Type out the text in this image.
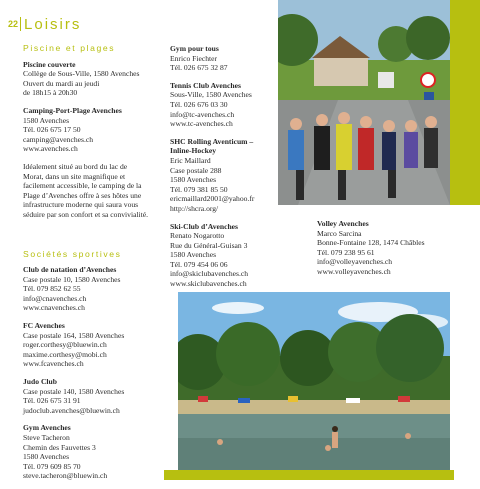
22 Loisirs
Piscine et plages
Piscine couverte
Collège de Sous-Ville, 1580 Avenches
Ouvert du mardi au jeudi
de 18h15 à 20h30
Camping-Port-Plage Avenches
1580 Avenches
Tél. 026 675 17 50
camping@avenches.ch
www.avenches.ch
Idéalement situé au bord du lac de
Morat, dans un site magnifique et
facilement accessible, le camping de la
Plage d’Avenches offre à ses hôtes une
infrastructure moderne qui saura vous
séduire par son confort et sa convivialité.
Sociétés sportives
Club de natation d’Avenches
Case postale 10, 1580 Avenches
Tél. 079 852 62 55
info@cnavenches.ch
www.cnavenches.ch
FC Avenches
Case postale 164, 1580 Avenches
roger.corthesy@bluewin.ch
maxime.corthesy@mobi.ch
www.fcavenches.ch
Judo Club
Case postale 140, 1580 Avenches
Tél. 026 675 31 91
judoclub.avenches@bluewin.ch
Gym Avenches
Steve Tacheron
Chemin des Fauvettes 3
1580 Avenches
Tél. 079 609 85 70
steve.tacheron@bluewin.ch
Gym pour tous
Enrico Fiechter
Tél. 026 675 32 87
Tennis Club Avenches
Sous-Ville, 1580 Avenches
Tél. 026 676 03 30
info@tc-avenches.ch
www.tc-avenches.ch
SHC Rolling Aventicum –
Inline-Hockey
Eric Maillard
Case postale 288
1580 Avenches
Tél. 079 381 85 50
ericmaillard2001@yahoo.fr
http://shcra.org/
Ski-Club d’Avenches
Renato Nogarotto
Rue du Général-Guisan 3
1580 Avenches
Tél. 079 454 06 06
info@skiclubavenches.ch
www.skiclubavenches.ch
Volley Avenches
Marco Sarcina
Bonne-Fontaine 128, 1474 Châbles
Tél. 079 238 95 61
info@volleyavenches.ch
www.volleyavenches.ch
